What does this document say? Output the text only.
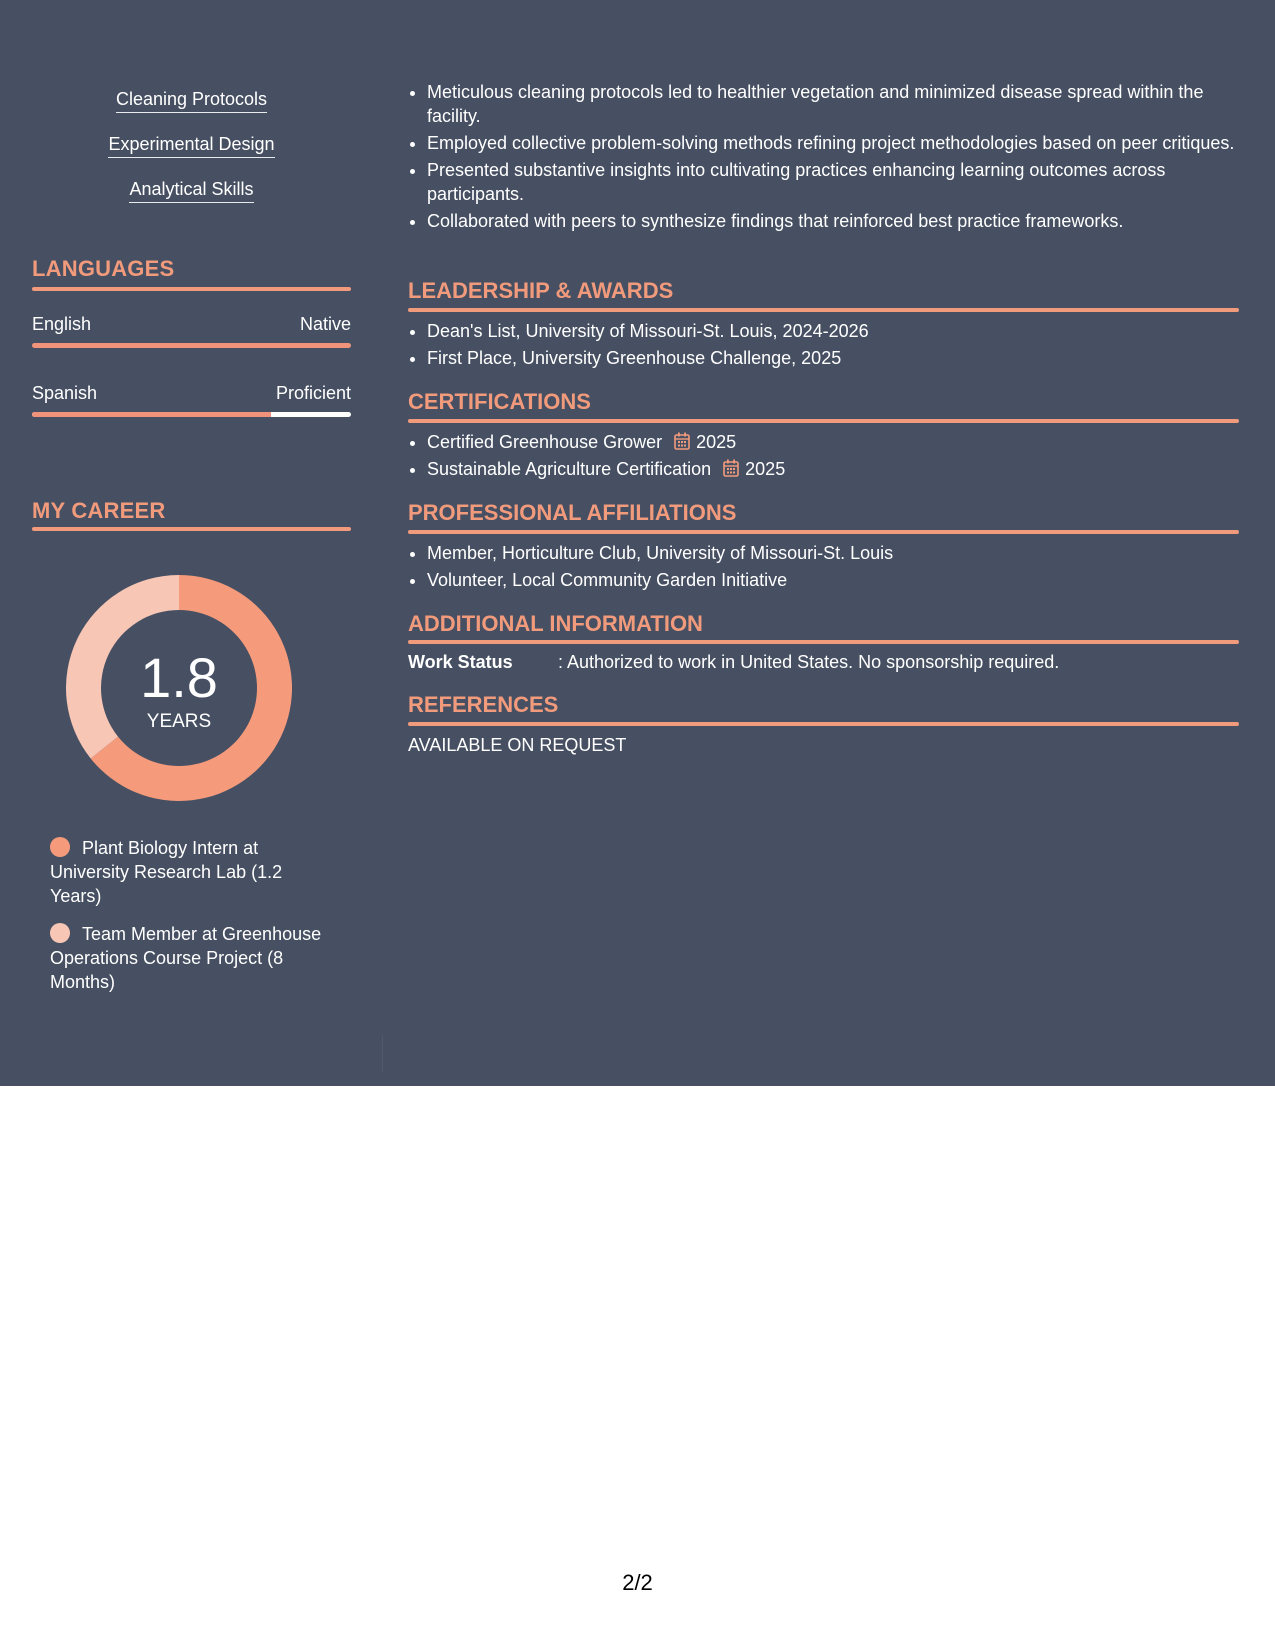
Cleaning Protocols
Experimental Design
Analytical Skills
LANGUAGES
English	Native
Spanish	Proficient
MY CAREER
1.8
YEARS
Plant Biology Intern at University Research Lab (1.2 Years)
Team Member at Greenhouse Operations Course Project (8 Months)
• Meticulous cleaning protocols led to healthier vegetation and minimized disease spread within the facility.
• Employed collective problem-solving methods refining project methodologies based on peer critiques.
• Presented substantive insights into cultivating practices enhancing learning outcomes across participants.
• Collaborated with peers to synthesize findings that reinforced best practice frameworks.
LEADERSHIP & AWARDS
• Dean's List, University of Missouri-St. Louis, 2024-2026
• First Place, University Greenhouse Challenge, 2025
CERTIFICATIONS
• Certified Greenhouse Grower 2025
• Sustainable Agriculture Certification 2025
PROFESSIONAL AFFILIATIONS
• Member, Horticulture Club, University of Missouri-St. Louis
• Volunteer, Local Community Garden Initiative
ADDITIONAL INFORMATION
Work Status	: Authorized to work in United States. No sponsorship required.
REFERENCES
AVAILABLE ON REQUEST
2/2
